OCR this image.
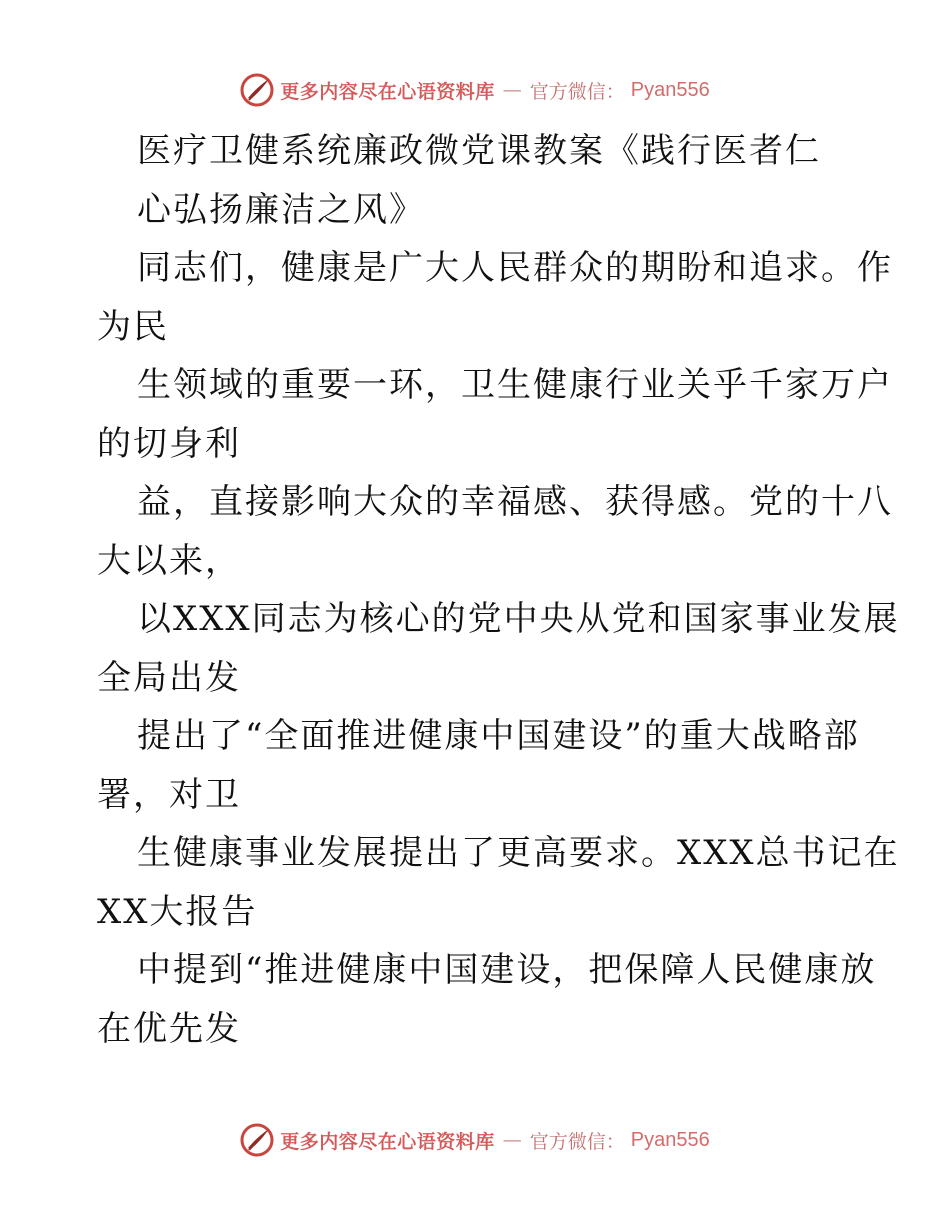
更多内容尽在心语资料库 — 官方微信： Pyan556
医疗卫健系统廉政微党课教案《践行医者仁
心弘扬廉洁之风》
同志们，健康是广大人民群众的期盼和追求。作
为民
生领域的重要一环，卫生健康行业关乎千家万户
的切身利
益，直接影响大众的幸福感、获得感。党的十八
大以来，
以XXX同志为核心的党中央从党和国家事业发展
全局出发
提出了“全面推进健康中国建设”的重大战略部
署，对卫
生健康事业发展提出了更高要求。XXX总书记在
XX大报告
中提到“推进健康中国建设，把保障人民健康放
在优先发
更多内容尽在心语资料库 — 官方微信： Pyan556
